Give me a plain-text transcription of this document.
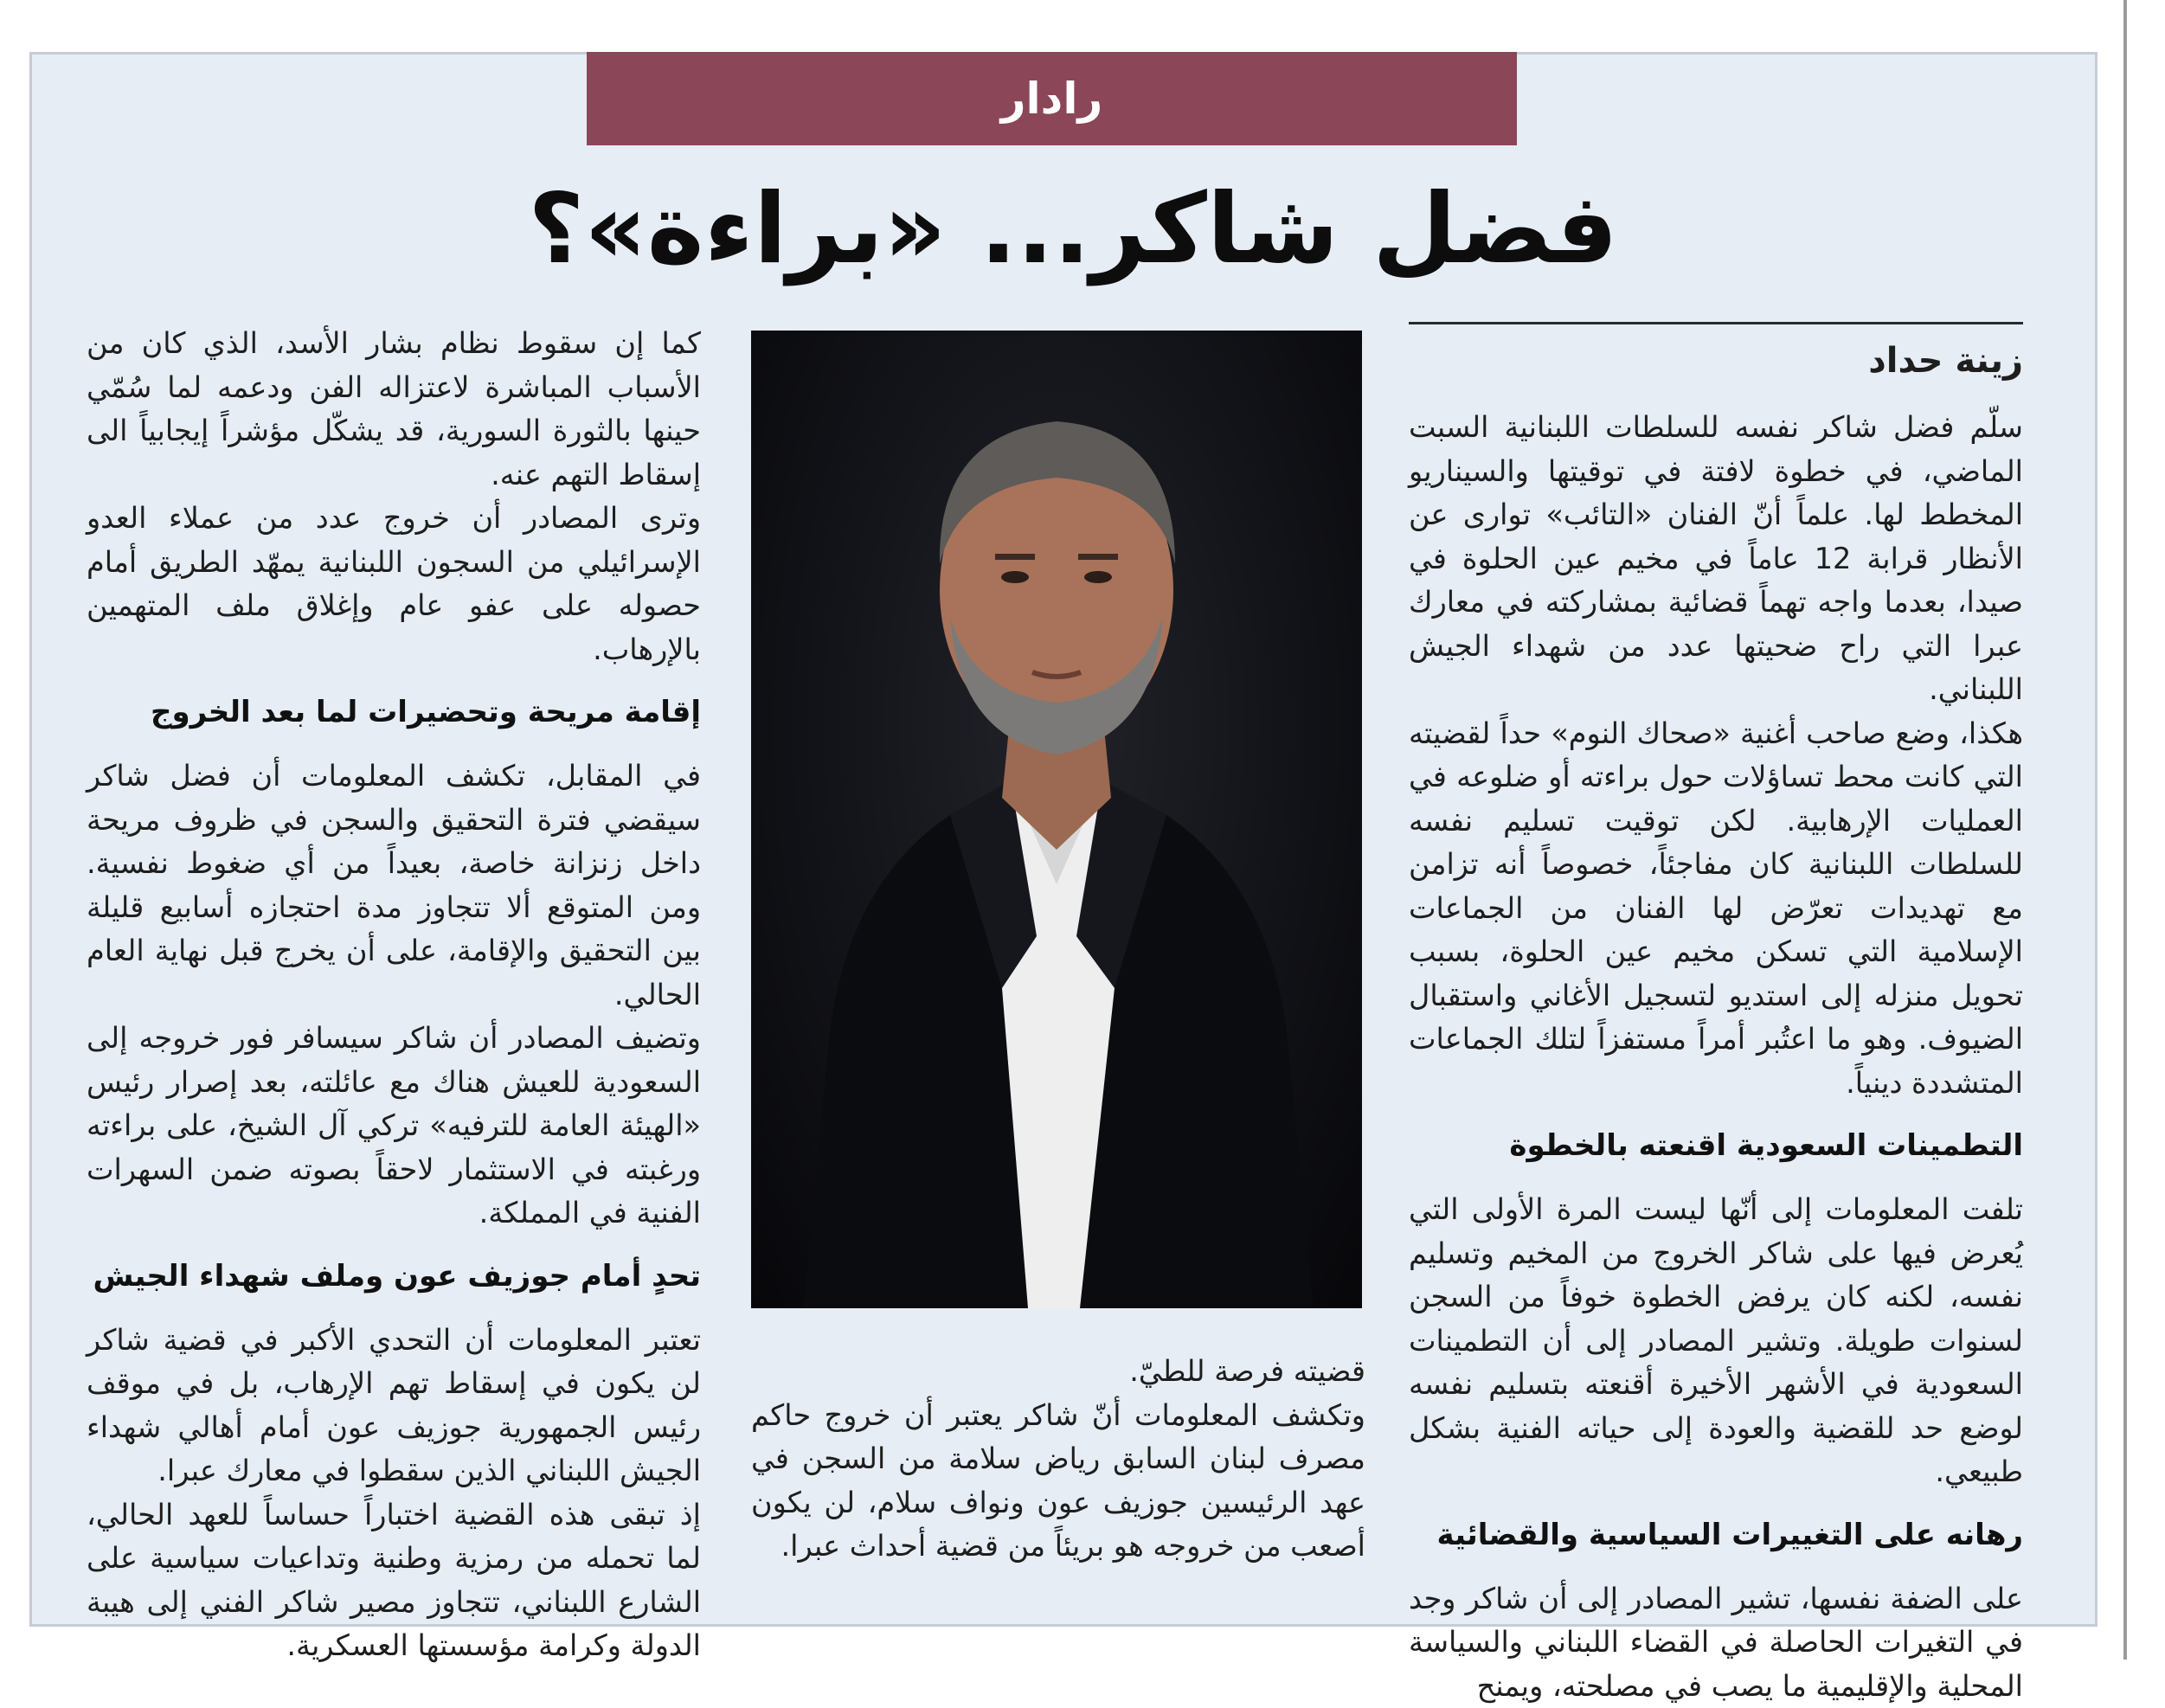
رادار
فضل شاكر... «براءة»؟

زينة حداد

سلّم فضل شاكر نفسه للسلطات اللبنانية السبت الماضي، في خطوة لافتة في توقيتها والسيناريو المخطط لها. علماً أنّ الفنان «التائب» توارى عن الأنظار قرابة 12 عاماً في مخيم عين الحلوة في صيدا، بعدما واجه تهماً قضائية بمشاركته في معارك عبرا التي راح ضحيتها عدد من شهداء الجيش اللبناني.

هكذا، وضع صاحب أغنية «صحاك النوم» حداً لقضيته التي كانت محط تساؤلات حول براءته أو ضلوعه في العمليات الإرهابية. لكن توقيت تسليم نفسه للسلطات اللبنانية كان مفاجئاً، خصوصاً أنه تزامن مع تهديدات تعرّض لها الفنان من الجماعات الإسلامية التي تسكن مخيم عين الحلوة، بسبب تحويل منزله إلى استديو لتسجيل الأغاني واستقبال الضيوف. وهو ما اعتُبر أمراً مستفزاً لتلك الجماعات المتشددة دينياً.

التطمينات السعودية اقنعته بالخطوة

تلفت المعلومات إلى أنّها ليست المرة الأولى التي يُعرض فيها على شاكر الخروج من المخيم وتسليم نفسه، لكنه كان يرفض الخطوة خوفاً من السجن لسنوات طويلة. وتشير المصادر إلى أن التطمينات السعودية في الأشهر الأخيرة أقنعته بتسليم نفسه لوضع حد للقضية والعودة إلى حياته الفنية بشكل طبيعي.

رهانه على التغييرات السياسية والقضائية

على الضفة نفسها، تشير المصادر إلى أن شاكر وجد في التغيرات الحاصلة في القضاء اللبناني والسياسة المحلية والإقليمية ما يصب في مصلحته، ويمنح

قضيته فرصة للطيّ.

وتكشف المعلومات أنّ شاكر يعتبر أن خروج حاكم مصرف لبنان السابق رياض سلامة من السجن في عهد الرئيسين جوزيف عون ونواف سلام، لن يكون أصعب من خروجه هو بريئاً من قضية أحداث عبرا.

كما إن سقوط نظام بشار الأسد، الذي كان من الأسباب المباشرة لاعتزاله الفن ودعمه لما سُمّي حينها بالثورة السورية، قد يشكّل مؤشراً إيجابياً الى إسقاط التهم عنه.

وترى المصادر أن خروج عدد من عملاء العدو الإسرائيلي من السجون اللبنانية يمهّد الطريق أمام حصوله على عفو عام وإغلاق ملف المتهمين بالإرهاب.

إقامة مريحة وتحضيرات لما بعد الخروج

في المقابل، تكشف المعلومات أن فضل شاكر سيقضي فترة التحقيق والسجن في ظروف مريحة داخل زنزانة خاصة، بعيداً من أي ضغوط نفسية. ومن المتوقع ألا تتجاوز مدة احتجازه أسابيع قليلة بين التحقيق والإقامة، على أن يخرج قبل نهاية العام الحالي.

وتضيف المصادر أن شاكر سيسافر فور خروجه إلى السعودية للعيش هناك مع عائلته، بعد إصرار رئيس «الهيئة العامة للترفيه» تركي آل الشيخ، على براءته ورغبته في الاستثمار لاحقاً بصوته ضمن السهرات الفنية في المملكة.

تحدٍ أمام جوزيف عون وملف شهداء الجيش

تعتبر المعلومات أن التحدي الأكبر في قضية شاكر لن يكون في إسقاط تهم الإرهاب، بل في موقف رئيس الجمهورية جوزيف عون أمام أهالي شهداء الجيش اللبناني الذين سقطوا في معارك عبرا.

إذ تبقى هذه القضية اختباراً حساساً للعهد الحالي، لما تحمله من رمزية وطنية وتداعيات سياسية على الشارع اللبناني، تتجاوز مصير شاكر الفني إلى هيبة الدولة وكرامة مؤسستها العسكرية.
